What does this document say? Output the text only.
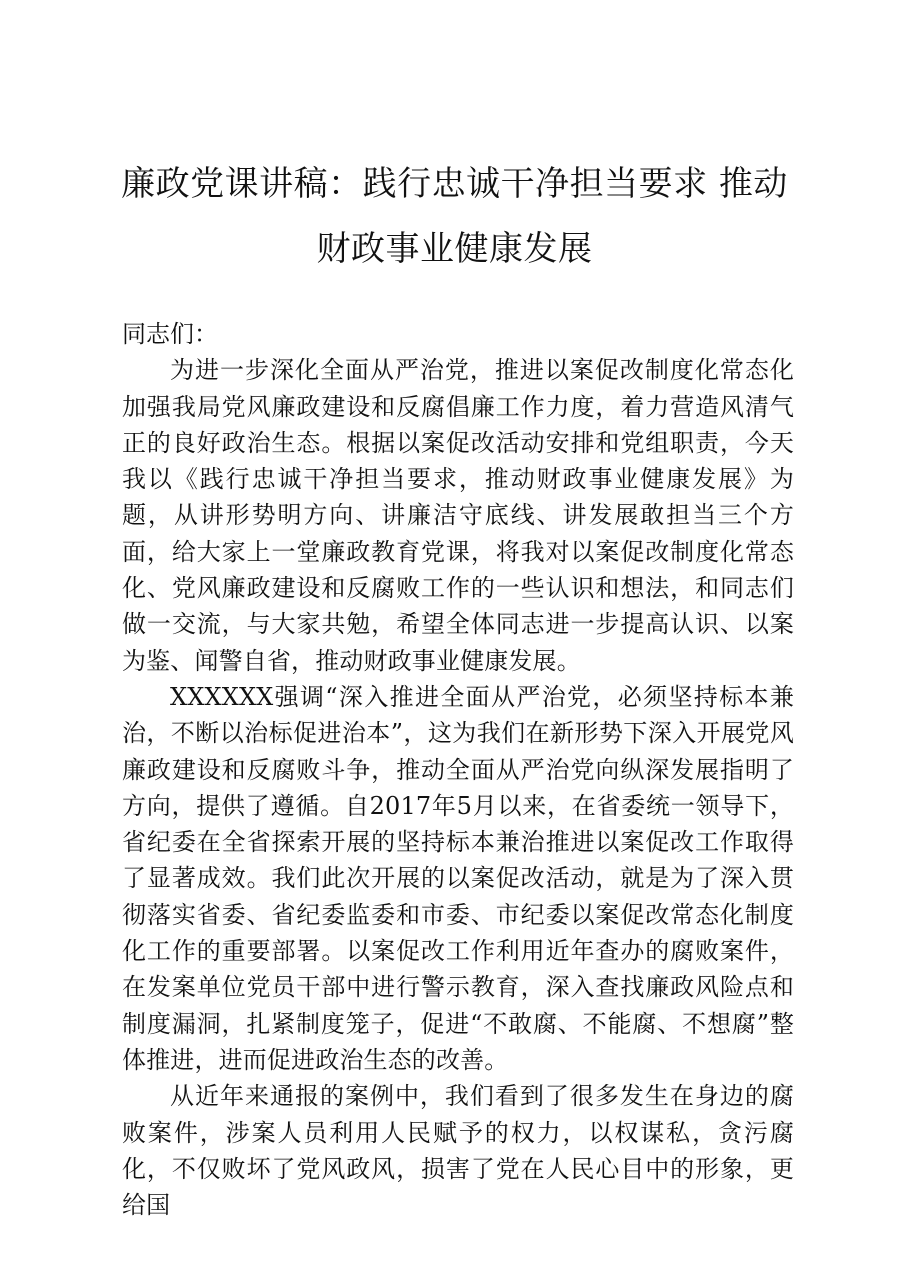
廉政党课讲稿：践行忠诚干净担当要求 推动
财政事业健康发展

同志们：

为进一步深化全面从严治党，推进以案促改制度化常态化加强我局党风廉政建设和反腐倡廉工作力度，着力营造风清气正的良好政治生态。根据以案促改活动安排和党组职责，今天我以《践行忠诚干净担当要求，推动财政事业健康发展》为题，从讲形势明方向、讲廉洁守底线、讲发展敢担当三个方面，给大家上一堂廉政教育党课，将我对以案促改制度化常态化、党风廉政建设和反腐败工作的一些认识和想法，和同志们做一交流，与大家共勉，希望全体同志进一步提高认识、以案为鉴、闻警自省，推动财政事业健康发展。

XXXXXX强调“深入推进全面从严治党，必须坚持标本兼治，不断以治标促进治本”，这为我们在新形势下深入开展党风廉政建设和反腐败斗争，推动全面从严治党向纵深发展指明了方向，提供了遵循。自2017年5月以来，在省委统一领导下，省纪委在全省探索开展的坚持标本兼治推进以案促改工作取得了显著成效。我们此次开展的以案促改活动，就是为了深入贯彻落实省委、省纪委监委和市委、市纪委以案促改常态化制度化工作的重要部署。以案促改工作利用近年查办的腐败案件，在发案单位党员干部中进行警示教育，深入查找廉政风险点和制度漏洞，扎紧制度笼子，促进“不敢腐、不能腐、不想腐”整体推进，进而促进政治生态的改善。

从近年来通报的案例中，我们看到了很多发生在身边的腐败案件，涉案人员利用人民赋予的权力，以权谋私，贪污腐化，不仅败坏了党风政风，损害了党在人民心目中的形象，更给国
